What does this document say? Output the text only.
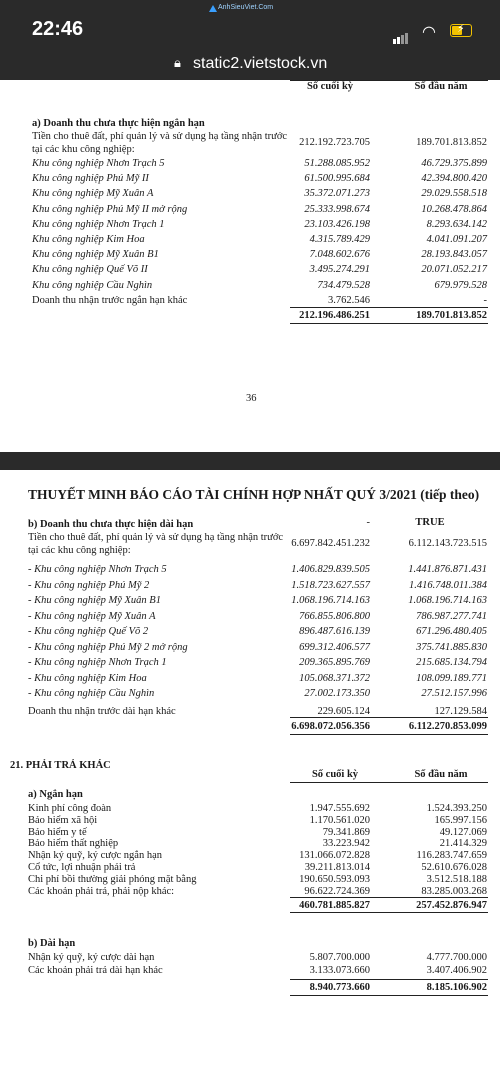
AnhSieuViet.Com
22:46	◠ ⚡
🔒︎ static2.vietstock.vn
Số cuối kỳ	Số đầu năm
a) Doanh thu chưa thực hiện ngắn hạn
Tiền cho thuê đất, phí quản lý và sử dụng hạ tầng nhận trước
tại các khu công nghiệp:
212.192.723.705	189.701.813.852
Khu công nghiệp Nhơn Trạch 5	51.288.085.952	46.729.375.899
Khu công nghiệp Phú Mỹ II	61.500.995.684	42.394.800.420
Khu công nghiệp Mỹ Xuân A	35.372.071.273	29.029.558.518
Khu công nghiệp Phú Mỹ II mở rộng	25.333.998.674	10.268.478.864
Khu công nghiệp Nhơn Trạch 1	23.103.426.198	8.293.634.142
Khu công nghiệp Kim Hoa	4.315.789.429	4.041.091.207
Khu công nghiệp Mỹ Xuân B1	7.048.602.676	28.193.843.057
Khu công nghiệp Quế Võ II	3.495.274.291	20.071.052.217
Khu công nghiệp Cầu Nghìn	734.479.528	679.979.528
Doanh thu nhận trước ngắn hạn khác	3.762.546	-
212.196.486.251	189.701.813.852
36
THUYẾT MINH BÁO CÁO TÀI CHÍNH HỢP NHẤT QUÝ 3/2021 (tiếp theo)
b) Doanh thu chưa thực hiện dài hạn	-	TRUE
Tiền cho thuê đất, phí quản lý và sử dụng hạ tầng nhận trước
tại các khu công nghiệp:
6.697.842.451.232	6.112.143.723.515
- Khu công nghiệp Nhơn Trạch 5	1.406.829.839.505	1.441.876.871.431
- Khu công nghiệp Phú Mỹ 2	1.518.723.627.557	1.416.748.011.384
- Khu công nghiệp Mỹ Xuân B1	1.068.196.714.163	1.068.196.714.163
- Khu công nghiệp Mỹ Xuân A	766.855.806.800	786.987.277.741
- Khu công nghiệp Quế Võ 2	896.487.616.139	671.296.480.405
- Khu công nghiệp Phú Mỹ 2 mở rộng	699.312.406.577	375.741.885.830
- Khu công nghiệp Nhơn Trạch 1	209.365.895.769	215.685.134.794
- Khu công nghiệp Kim Hoa	105.068.371.372	108.099.189.771
- Khu công nghiệp Cầu Nghìn	27.002.173.350	27.512.157.996
Doanh thu nhận trước dài hạn khác	229.605.124	127.129.584
6.698.072.056.356	6.112.270.853.099
21. PHẢI TRẢ KHÁC
Số cuối kỳ	Số đầu năm
a) Ngắn hạn
Kinh phí công đoàn	1.947.555.692	1.524.393.250
Bảo hiểm xã hội	1.170.561.020	165.997.156
Bảo hiểm y tế	79.341.869	49.127.069
Bảo hiểm thất nghiệp	33.223.942	21.414.329
Nhận ký quỹ, ký cược ngắn hạn	131.066.072.828	116.283.747.659
Cổ tức, lợi nhuận phải trả	39.211.813.014	52.610.676.028
Chi phí bồi thường giải phóng mặt bằng	190.650.593.093	3.512.518.188
Các khoản phải trả, phải nộp khác:	96.622.724.369	83.285.003.268
460.781.885.827	257.452.876.947
b) Dài hạn
Nhận ký quỹ, ký cược dài hạn	5.807.700.000	4.777.700.000
Các khoản phải trả dài hạn khác	3.133.073.660	3.407.406.902
8.940.773.660	8.185.106.902
